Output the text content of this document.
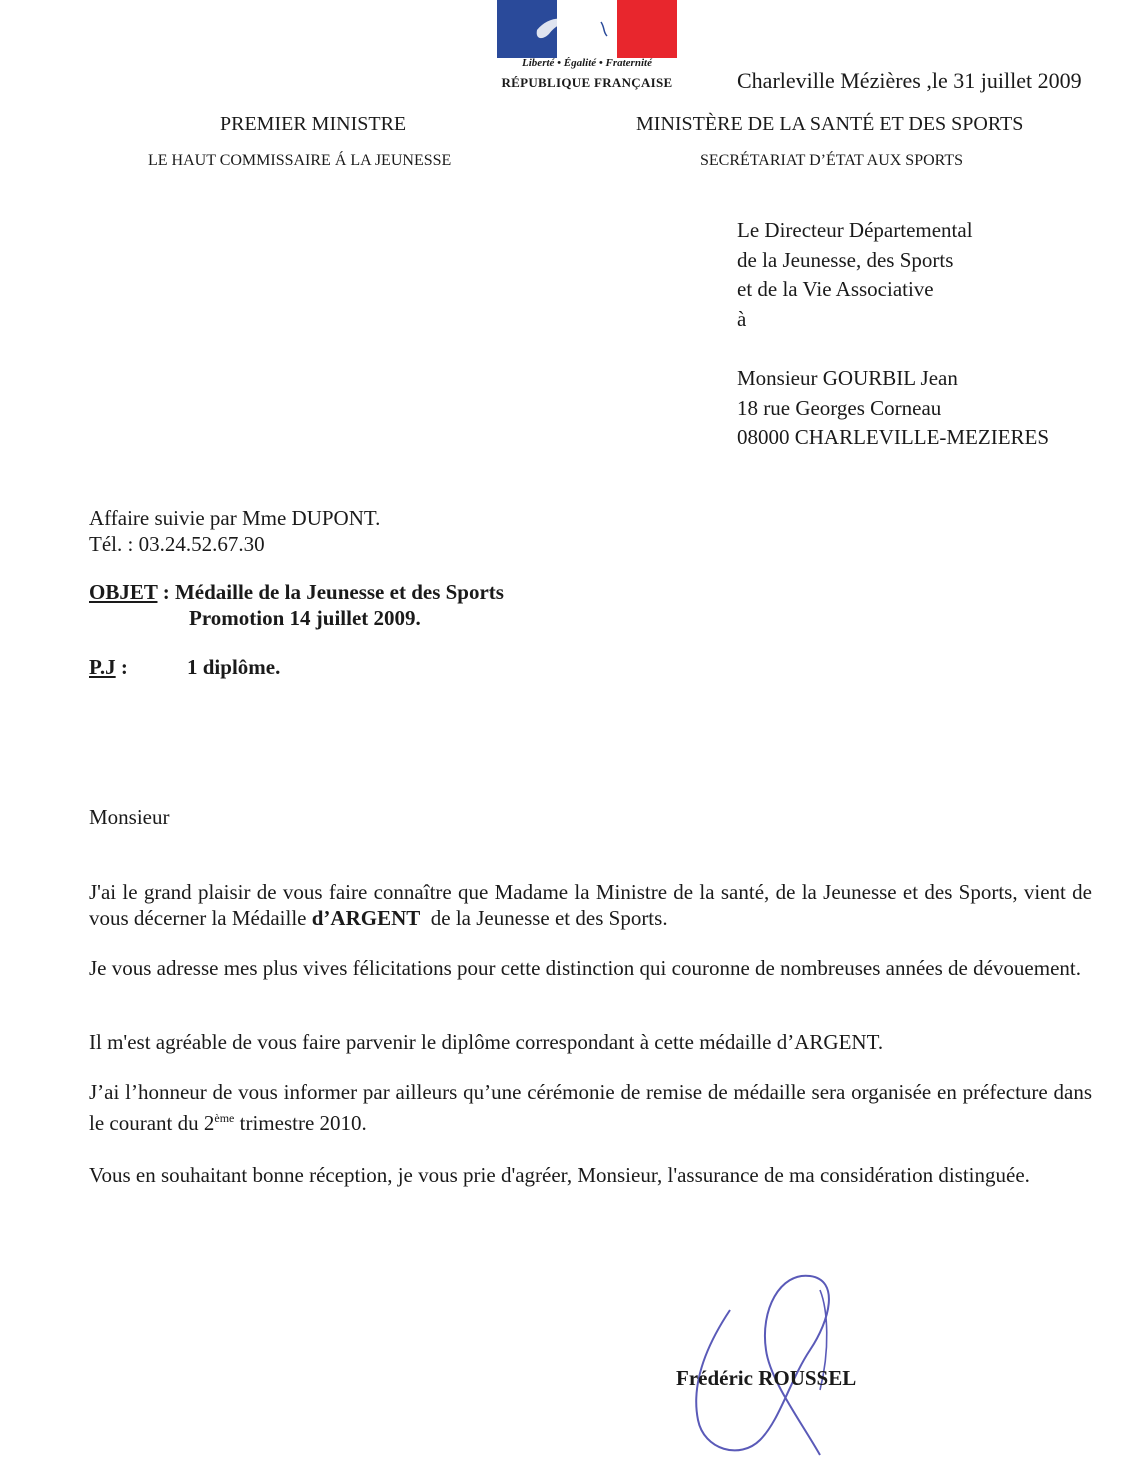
Liberté • Égalité • Fraternité
RÉPUBLIQUE FRANÇAISE	Charleville Mézières ,le 31 juillet 2009
PREMIER MINISTRE
LE HAUT COMMISSAIRE Á LA JEUNESSE
MINISTÈRE DE LA SANTÉ ET DES SPORTS
SECRÉTARIAT D’ÉTAT AUX SPORTS
Le Directeur Départemental
de la Jeunesse, des Sports
et de la Vie Associative
à
Monsieur GOURBIL Jean
18 rue Georges Corneau
08000 CHARLEVILLE-MEZIERES
Affaire suivie par Mme DUPONT.
Tél. : 03.24.52.67.30
OBJET : Médaille de la Jeunesse et des Sports
Promotion 14 juillet 2009.
P.J :	1 diplôme.
Monsieur
J'ai le grand plaisir de vous faire connaître que Madame la Ministre de la santé, de la Jeunesse et des Sports, vient de vous décerner la Médaille d’ARGENT  de la Jeunesse et des Sports.
Je vous adresse mes plus vives félicitations pour cette distinction qui couronne de nombreuses années de dévouement.
Il m'est agréable de vous faire parvenir le diplôme correspondant à cette médaille d’ARGENT.
J’ai l’honneur de vous informer par ailleurs qu’une cérémonie de remise de médaille sera organisée en préfecture dans le courant du 2ème trimestre 2010.
Vous en souhaitant bonne réception, je vous prie d'agréer, Monsieur, l'assurance de ma considération distinguée.
Frédéric ROUSSEL
